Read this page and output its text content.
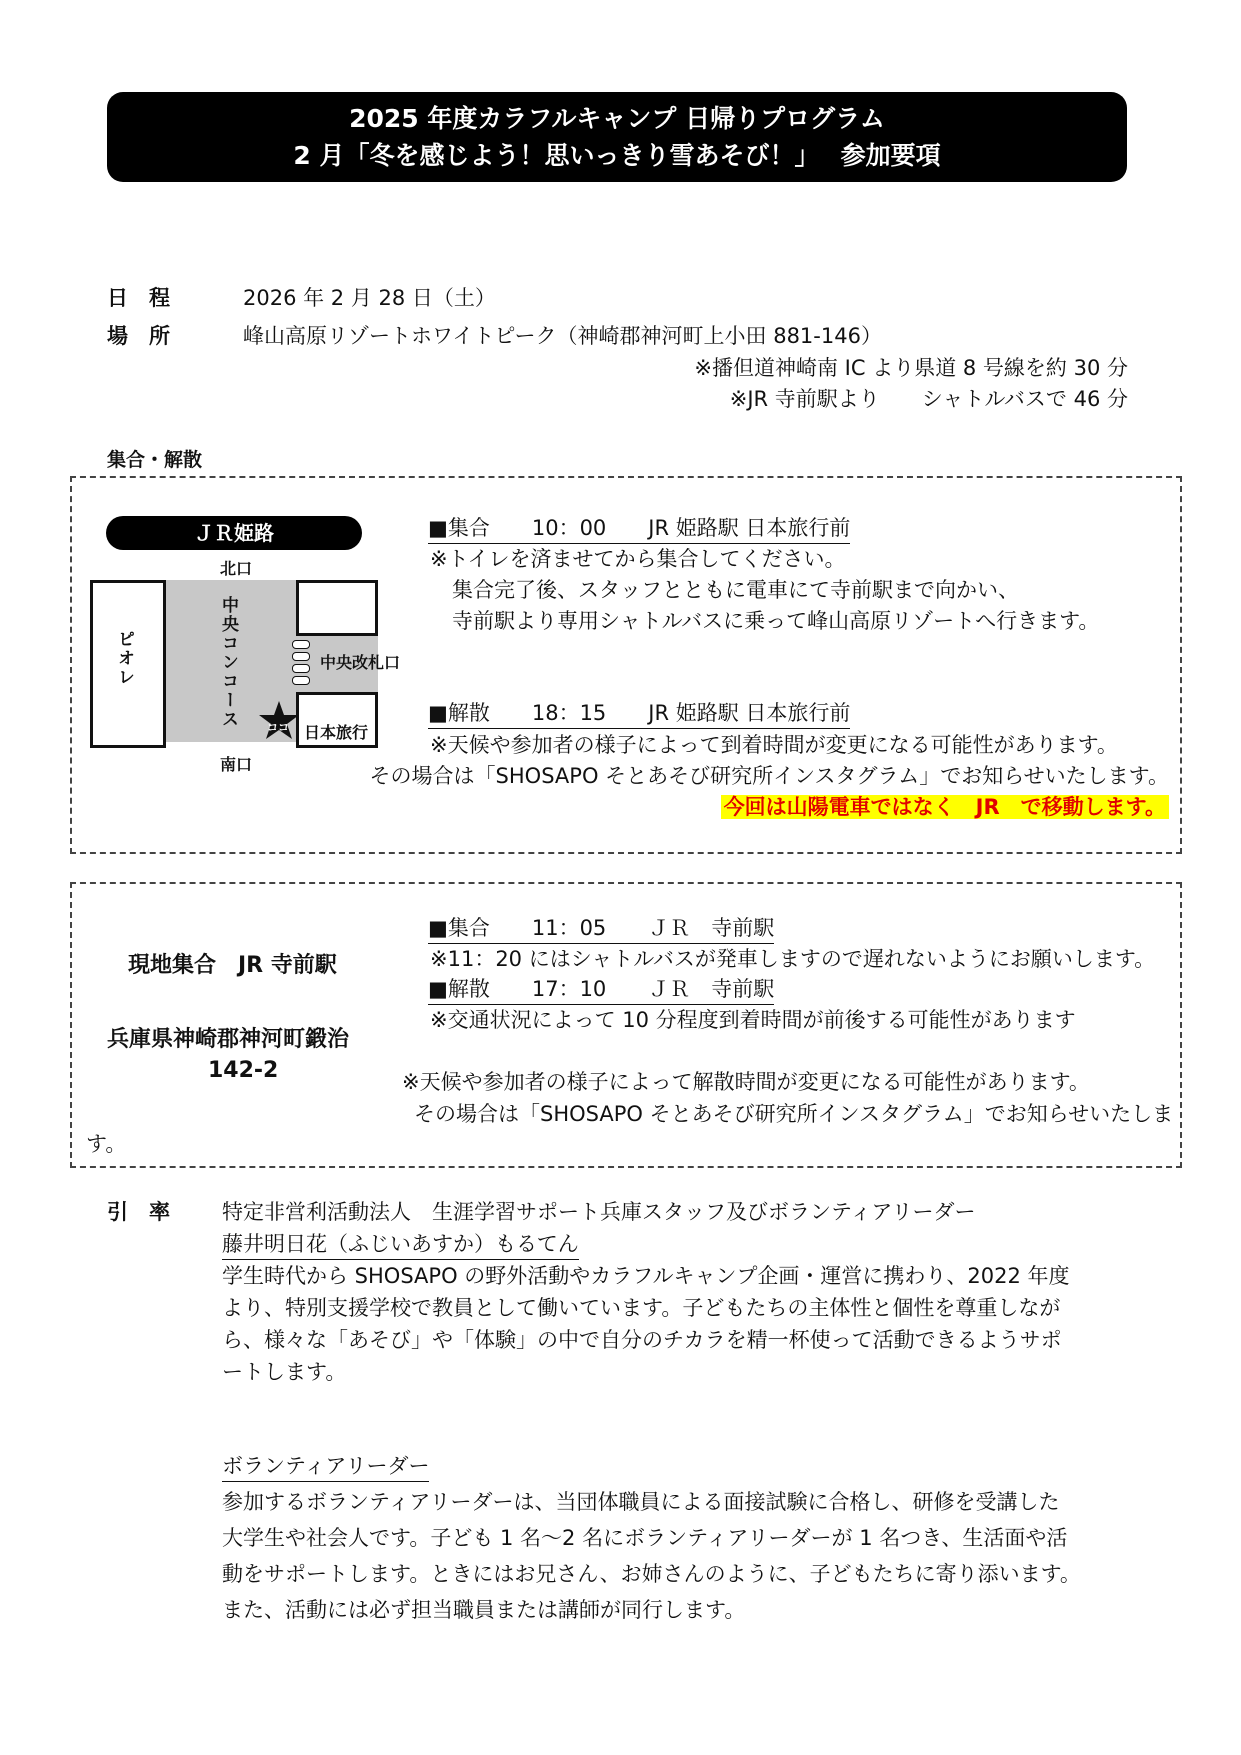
2025 年度カラフルキャンプ 日帰りプログラム
2 月「冬を感じよう！思いっきり雪あそび！」　 参加要項
日　程	2026 年 2 月 28 日（土）
場　所	峰山高原リゾートホワイトピーク（神崎郡神河町上小田 881-146）
※播但道神崎南 IC より県道 8 号線を約 30 分
※JR 寺前駅より　　シャトルバスで 46 分
集合・解散
ＪＲ姫路
北口
ピオレ	中央コンコース	中央改札口
日本旅行
ココ
南口
■集合　　10：00　　JR 姫路駅 日本旅行前
※トイレを済ませてから集合してください。
集合完了後、スタッフとともに電車にて寺前駅まで向かい、
寺前駅より専用シャトルバスに乗って峰山高原リゾートへ行きます。
■解散　　18：15　　JR 姫路駅 日本旅行前
※天候や参加者の様子によって到着時間が変更になる可能性があります。
その場合は「SHOSAPO そとあそび研究所インスタグラム」でお知らせいたします。
今回は山陽電車ではなく　JR　で移動します。
現地集合　JR 寺前駅
兵庫県神崎郡神河町鍛治
142-2
■集合　　11：05　　ＪＲ　寺前駅
※11：20 にはシャトルバスが発車しますので遅れないようにお願いします。
■解散　　17：10　　ＪＲ　寺前駅
※交通状況によって 10 分程度到着時間が前後する可能性があります
※天候や参加者の様子によって解散時間が変更になる可能性があります。
その場合は「SHOSAPO そとあそび研究所インスタグラム」でお知らせいたしま
す。
引　率 特定非営利活動法人　生涯学習サポート兵庫スタッフ及びボランティアリーダー
藤井明日花（ふじいあすか）もるてん
学生時代から SHOSAPO の野外活動やカラフルキャンプ企画・運営に携わり、2022 年度
より、特別支援学校で教員として働いています。子どもたちの主体性と個性を尊重しなが
ら、様々な「あそび」や「体験」の中で自分のチカラを精一杯使って活動できるようサポ
ートします。
ボランティアリーダー
参加するボランティアリーダーは、当団体職員による面接試験に合格し、研修を受講した
大学生や社会人です。子ども 1 名～2 名にボランティアリーダーが 1 名つき、生活面や活
動をサポートします。ときにはお兄さん、お姉さんのように、子どもたちに寄り添います。
また、活動には必ず担当職員または講師が同行します。
